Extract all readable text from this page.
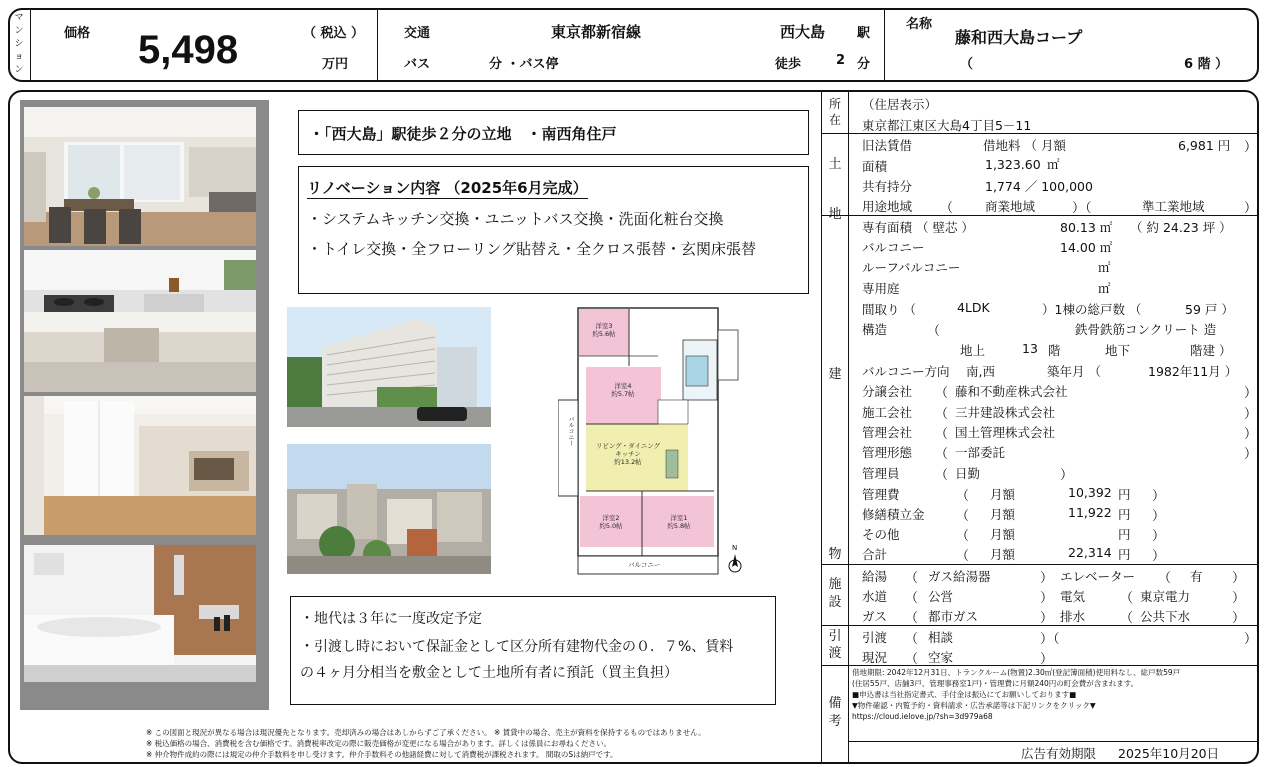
マ
ン
シ
ョ
ン
価格 5,498	（ 税込 ）
万円
交通	東京都新宿線	西大島 駅
バス	分 ・バス停	徒歩	2 分
名称
藤和西大島コープ
（	6 階 ）
・「西大島」駅徒歩２分の立地　・南西角住戸
リノベーション内容 （2025年6月完成）
・システムキッチン交換・ユニットバス交換・洗面化粧台交換
・トイレ交換・全フローリング貼替え・全クロス張替・玄関床張替
洋室3
約5.6帖
洋室4
約5.7帖
リビング・ダイニング
キッチン
約13.2帖
洋室2
約5.0帖
洋室1
約5.8帖
バルコニー
バルコニー
N
・地代は３年に一度改定予定
・引渡し時において保証金として区分所有建物代金の０．７%、賃料
の４ヶ月分相当を敷金として土地所有者に預託（買主負担）
※ この図面と現況が異なる場合は現況優先となります。売却済みの場合はあしからずご了承ください。 ※ 賃貸中の場合、売主が資料を保持するものではありません。
※ 税込価格の場合、消費税を含む価格です。消費税率改定の際に販売価格が変更になる場合があります。詳しくは係員にお尋ねください。
※ 仲介物件成約の際には規定の仲介手数料を申し受けます。仲介手数料その他諸経費に対して消費税が課税されます。 間取のSは納戸です。
所
在
土
地
建
物
施
設
引
渡
備
考
（住居表示）
東京都江東区大島4丁目5－11
旧法賃借	借地料 （ 月額	6,981 円 ）
面積	1,323.60 ㎡
共有持分	1,774 ／ 100,000
用途地域 （	商業地域	）（	準工業地域	）
専有面積 （ 壁芯 ）	80.13 ㎡ （ 約 24.23 坪 ）
バルコニー	14.00 ㎡
ルーフバルコニー	㎡
専用庭	㎡
間取り （	4LDK	）1棟の総戸数 （	59 戸 ）
構造	（	鉄骨鉄筋コンクリート 造
地上	13 階	地下	階建 ）
バルコニー方向 南,西	築年月 （	1982年11月 ）
分譲会社 （ 藤和不動産株式会社	）
施工会社 （ 三井建設株式会社	）
管理会社 （ 国土管理株式会社	）
管理形態 （ 一部委託	）
管理員	（ 日勤	）
管理費	（ 月額	10,392 円 ）
修繕積立金 （ 月額	11,922 円 ）
その他	（ 月額	円 ）
合計	（ 月額	22,314 円 ）
給湯 （ ガス給湯器	） エレベーター （ 有 ）
水道 （ 公営	） 電気	（ 東京電力	）
ガス （ 都市ガス	） 排水	（ 公共下水	）
引渡 （ 相談	）（	）
現況 （ 空家	）
借地期限: 2042年12月31日、トランクルーム(物置)2.30㎡(登記簿面積)使用料なし、総戸数59戸
(住居55戸、店舗3戸、管理事務室1戸)・管理費に月額240円の町会費が含まれます。
■申込書は当社指定書式、手付金は振込にてお願いしております■
▼物件確認・内覧予約・資料請求・広告承諾等は下記リンクをクリック▼
https://cloud.ielove.jp/?sh=3d979a68
広告有効期限 2025年10月20日
